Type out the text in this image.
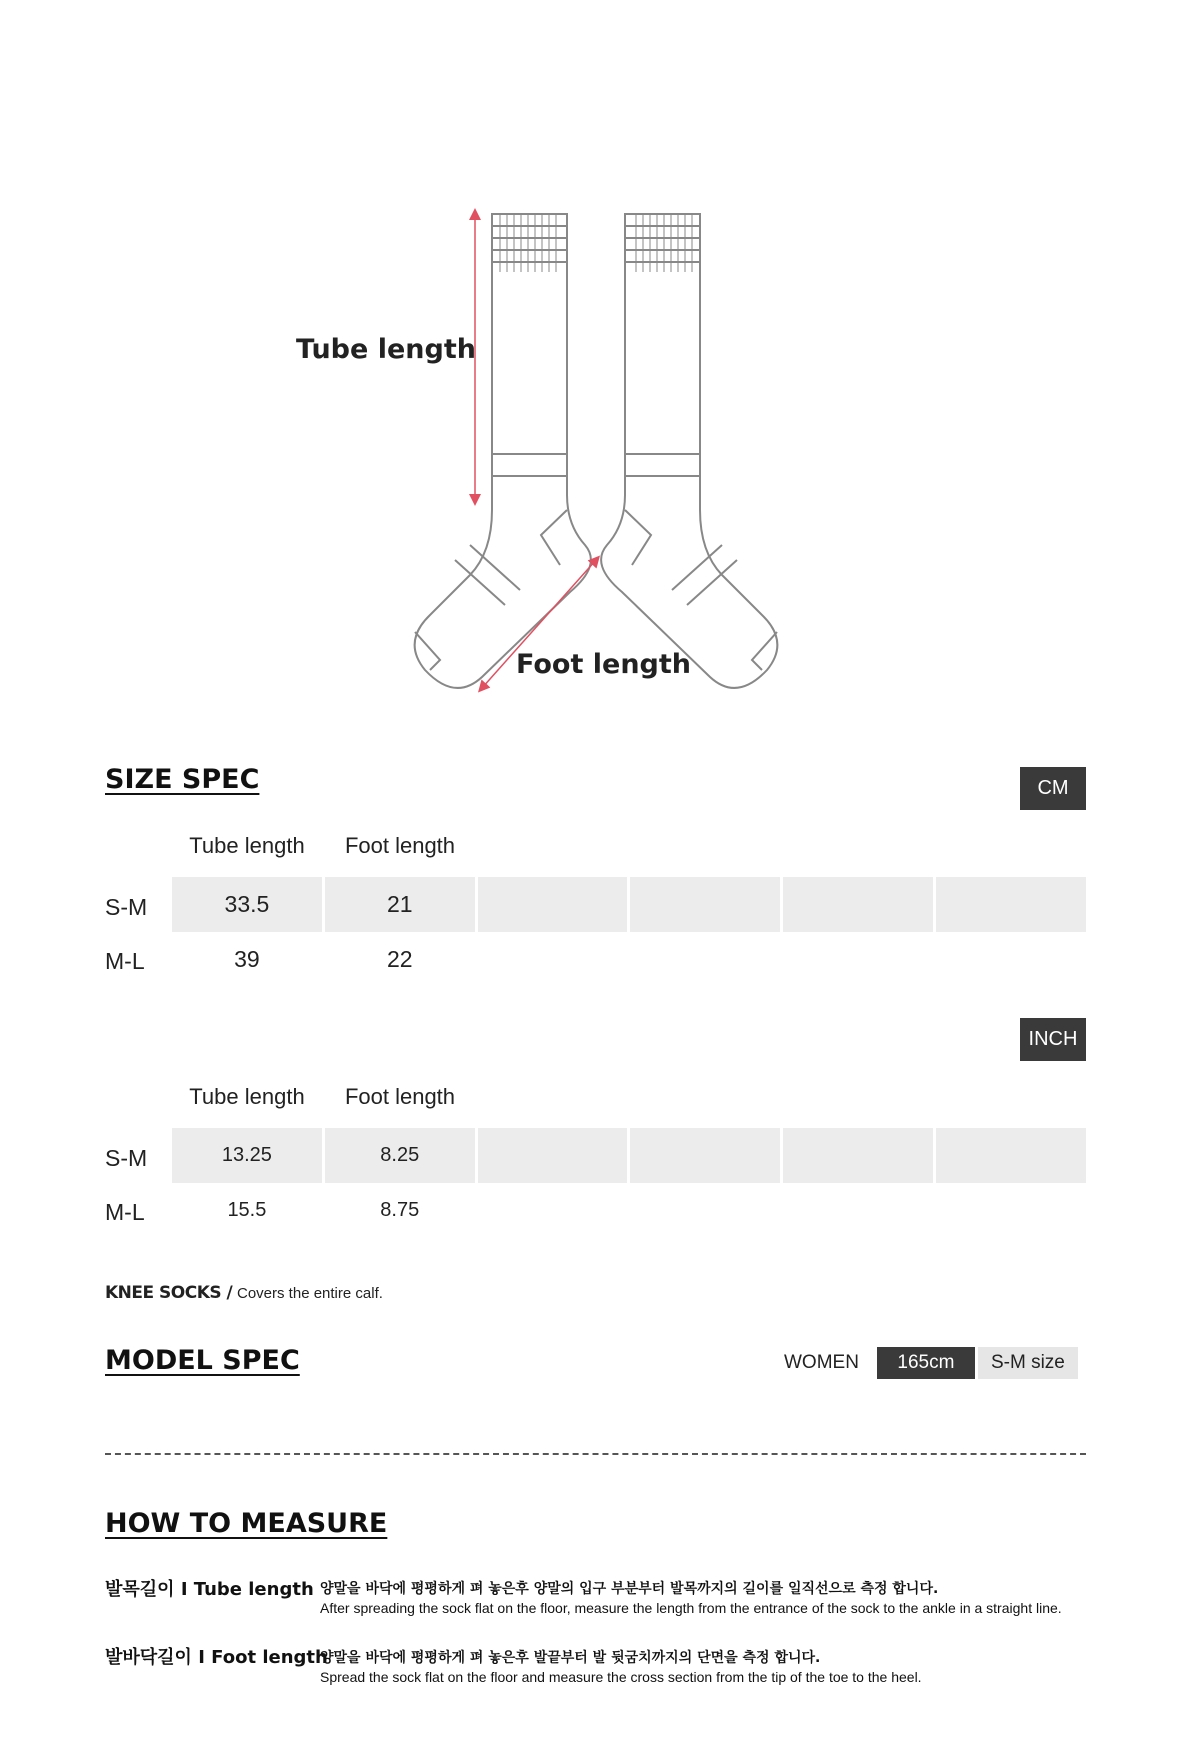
Tube length
Foot length
SIZE SPEC	CM
Tube length	Foot length
S-M	33.5	21
M-L	39	22
INCH
Tube length	Foot length
S-M	13.25	8.25
M-L	15.5	8.75
KNEE SOCKS / Covers the entire calf.
MODEL SPEC	WOMEN	165cm	S-M size
HOW TO MEASURE
발목길이 I Tube length 양말을 바닥에 평평하게 펴 놓은후 양말의 입구 부분부터 발목까지의 길이를 일직선으로 측정 합니다.
After spreading the sock flat on the floor, measure the length from the entrance of the sock to the ankle in a straight line.
발바닥길이 I Foot length
양말을 바닥에 평평하게 펴 놓은후 발끝부터 발 뒷굼치까지의 단면을 측정 합니다.
Spread the sock flat on the floor and measure the cross section from the tip of the toe to the heel.
